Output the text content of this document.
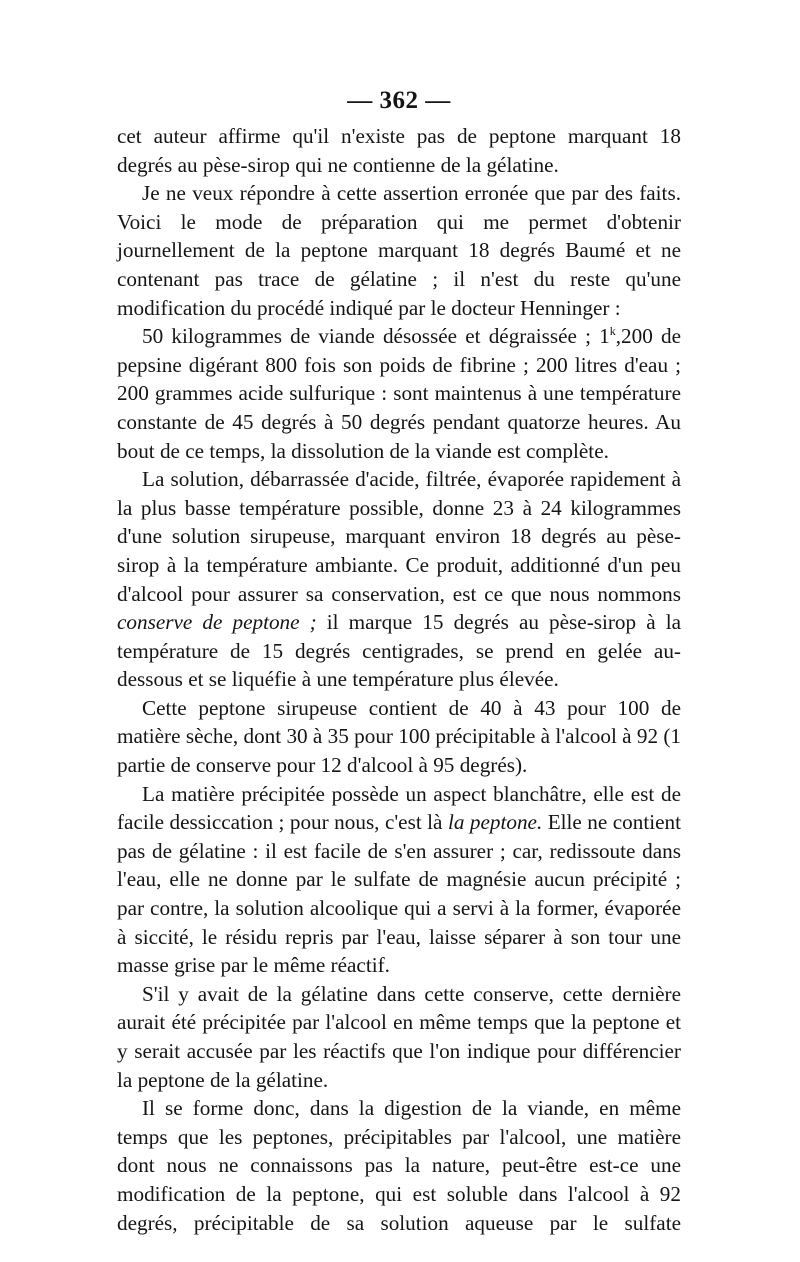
— 362 —

cet auteur affirme qu'il n'existe pas de peptone marquant 18 degrés au pèse-sirop qui ne contienne de la gélatine.

Je ne veux répondre à cette assertion erronée que par des faits. Voici le mode de préparation qui me permet d'obtenir journellement de la peptone marquant 18 degrés Baumé et ne contenant pas trace de gélatine ; il n'est du reste qu'une modification du procédé indiqué par le docteur Henninger :

50 kilogrammes de viande désossée et dégraissée ; 1$^k$,200 de pepsine digérant 800 fois son poids de fibrine ; 200 litres d'eau ; 200 grammes acide sulfurique : sont maintenus à une température constante de 45 degrés à 50 degrés pendant quatorze heures. Au bout de ce temps, la dissolution de la viande est complète.

La solution, débarrassée d'acide, filtrée, évaporée rapidement à la plus basse température possible, donne 23 à 24 kilogrammes d'une solution sirupeuse, marquant environ 18 degrés au pèse-sirop à la température ambiante. Ce produit, additionné d'un peu d'alcool pour assurer sa conservation, est ce que nous nommons conserve de peptone ; il marque 15 degrés au pèse-sirop à la température de 15 degrés centigrades, se prend en gelée au-dessous et se liquéfie à une température plus élevée.

Cette peptone sirupeuse contient de 40 à 43 pour 100 de matière sèche, dont 30 à 35 pour 100 précipitable à l'alcool à 92 (1 partie de conserve pour 12 d'alcool à 95 degrés).

La matière précipitée possède un aspect blanchâtre, elle est de facile dessiccation ; pour nous, c'est là la peptone. Elle ne contient pas de gélatine : il est facile de s'en assurer ; car, redissoute dans l'eau, elle ne donne par le sulfate de magnésie aucun précipité ; par contre, la solution alcoolique qui a servi à la former, évaporée à siccité, le résidu repris par l'eau, laisse séparer à son tour une masse grise par le même réactif.

S'il y avait de la gélatine dans cette conserve, cette dernière aurait été précipitée par l'alcool en même temps que la peptone et y serait accusée par les réactifs que l'on indique pour différencier la peptone de la gélatine.

Il se forme donc, dans la digestion de la viande, en même temps que les peptones, précipitables par l'alcool, une matière dont nous ne connaissons pas la nature, peut-être est-ce une modification de la peptone, qui est soluble dans l'alcool à 92 degrés, précipitable de sa solution aqueuse par le sulfate
